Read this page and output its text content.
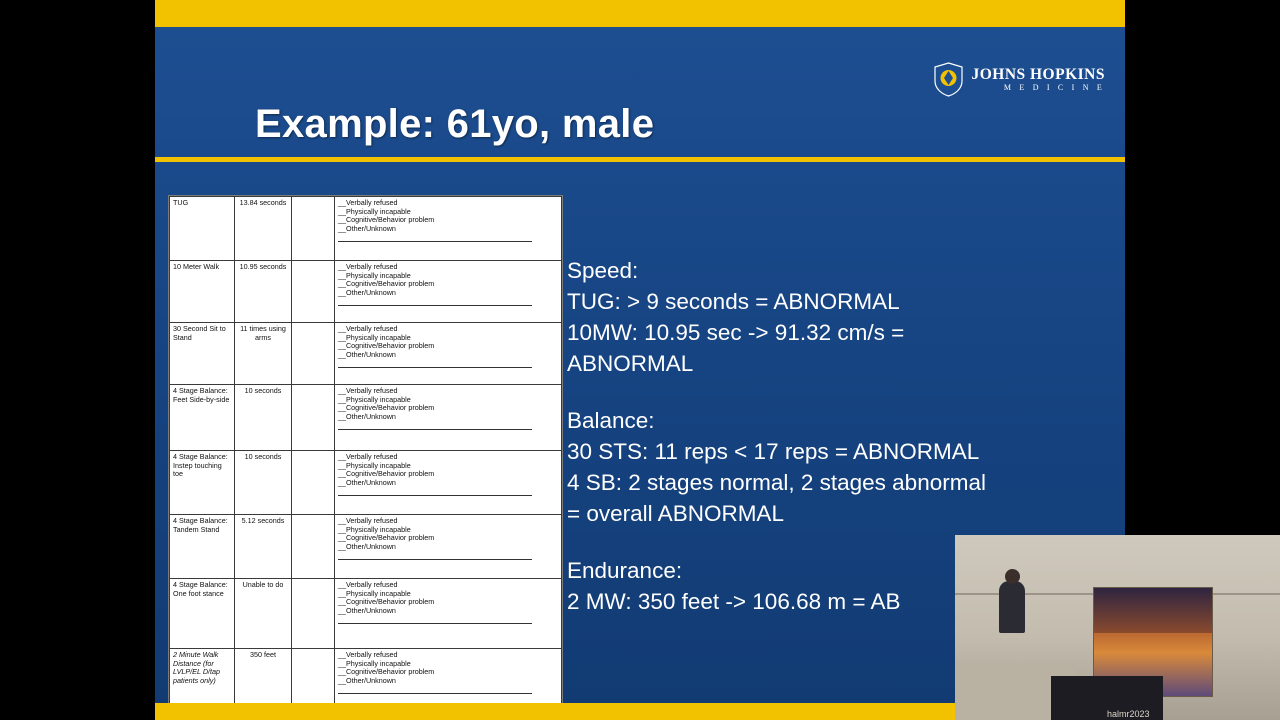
JOHNS HOPKINS
M E D I C I N E
Example: 61yo, male
TUG	13.84 seconds		__Verbally refused
__Physically incapable
__Cognitive/Behavior problem
__Other/Unknown

10 Meter Walk	10.95 seconds		__Verbally refused
__Physically incapable
__Cognitive/Behavior problem
__Other/Unknown

30 Second Sit to Stand	11 times using arms		__Verbally refused
__Physically incapable
__Cognitive/Behavior problem
__Other/Unknown

4 Stage Balance: Feet Side-by-side	10 seconds		__Verbally refused
__Physically incapable
__Cognitive/Behavior problem
__Other/Unknown

4 Stage Balance: Instep touching toe	10 seconds		__Verbally refused
__Physically incapable
__Cognitive/Behavior problem
__Other/Unknown

4 Stage Balance: Tandem Stand	5.12 seconds		__Verbally refused
__Physically incapable
__Cognitive/Behavior problem
__Other/Unknown

4 Stage Balance: One foot stance	Unable to do		__Verbally refused
__Physically incapable
__Cognitive/Behavior problem
__Other/Unknown

2 Minute Walk Distance (for LVLP/EL D/tap patients only)	350 feet		__Verbally refused
__Physically incapable
__Cognitive/Behavior problem
__Other/Unknown
Speed:
TUG: > 9 seconds = ABNORMAL
10MW: 10.95 sec -> 91.32 cm/s =
ABNORMAL
Balance:
30 STS: 11 reps < 17 reps = ABNORMAL
4 SB: 2 stages normal, 2 stages abnormal
= overall ABNORMAL
Endurance:
2 MW: 350 feet -> 106.68 m = AB
halmr2023
